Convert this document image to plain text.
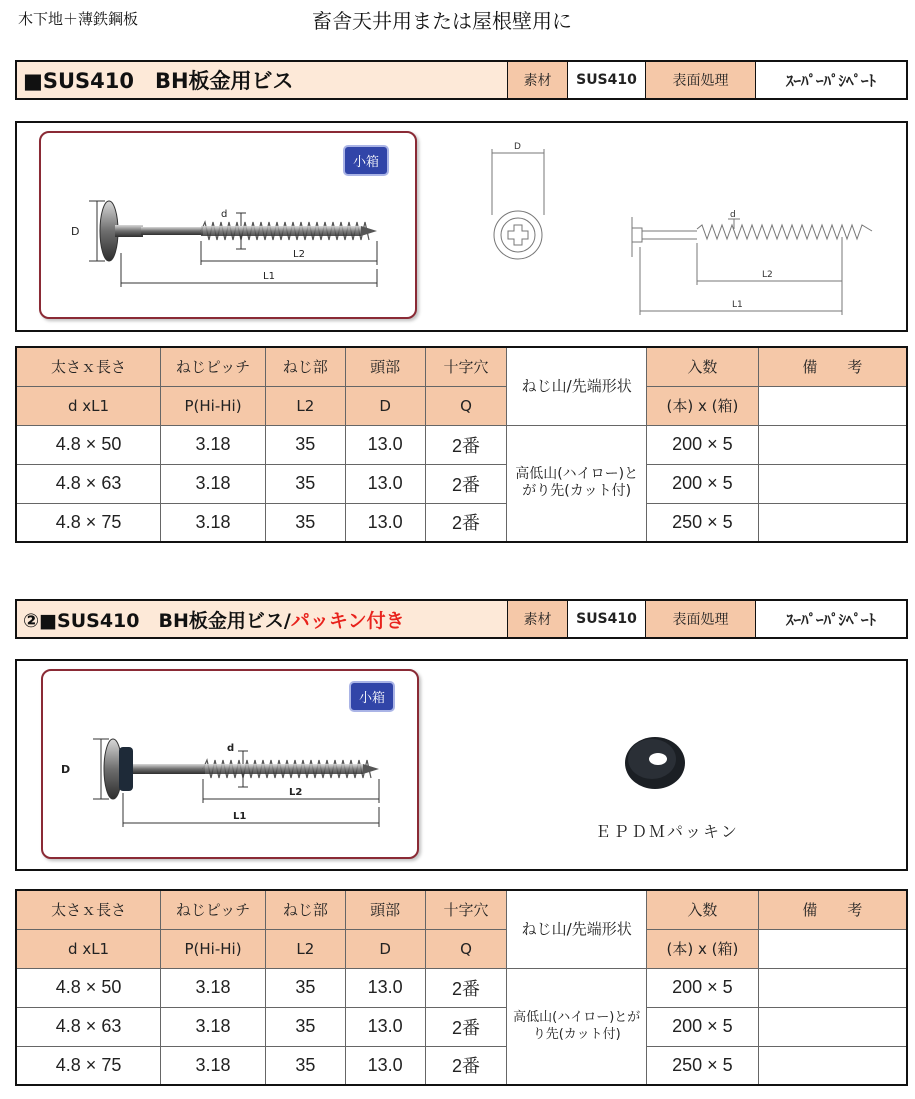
木下地＋薄鉄鋼板	畜舎天井用または屋根壁用に
■SUS410　BH板金用ビス	素材	SUS410	表面処理	ｽｰﾊﾟｰﾊﾟｼﾍﾟｰﾄ
小箱
D
d
L2
L1
D
d
L2
L1
太さｘ長さ	ねじピッチ	ねじ部	頭部	十字穴	ねじ山/先端形状	入数	備　　考
d xL1	P(Hi-Hi)	L2	D	Q		(本) x (箱)	
4.8 × 50	3.18	35	13.0	2番	高低山(ハイロー)とがり先(カット付)	200 × 5	
4.8 × 63	3.18	35	13.0	2番		200 × 5	
4.8 × 75	3.18	35	13.0	2番		250 × 5	
②■SUS410　BH板金用ビス/ パッキン付き	素材	SUS410	表面処理	ｽｰﾊﾟｰﾊﾟｼﾍﾟｰﾄ
小箱
D
d
L2
L1
ＥＰＤＭパッキン
太さｘ長さ	ねじピッチ	ねじ部	頭部	十字穴	ねじ山/先端形状	入数	備　　考
d xL1	P(Hi-Hi)	L2	D	Q		(本) x (箱)	
4.8 × 50	3.18	35	13.0	2番	高低山(ハイロー)とがり先(カット付)	200 × 5	
4.8 × 63	3.18	35	13.0	2番		200 × 5	
4.8 × 75	3.18	35	13.0	2番		250 × 5	
